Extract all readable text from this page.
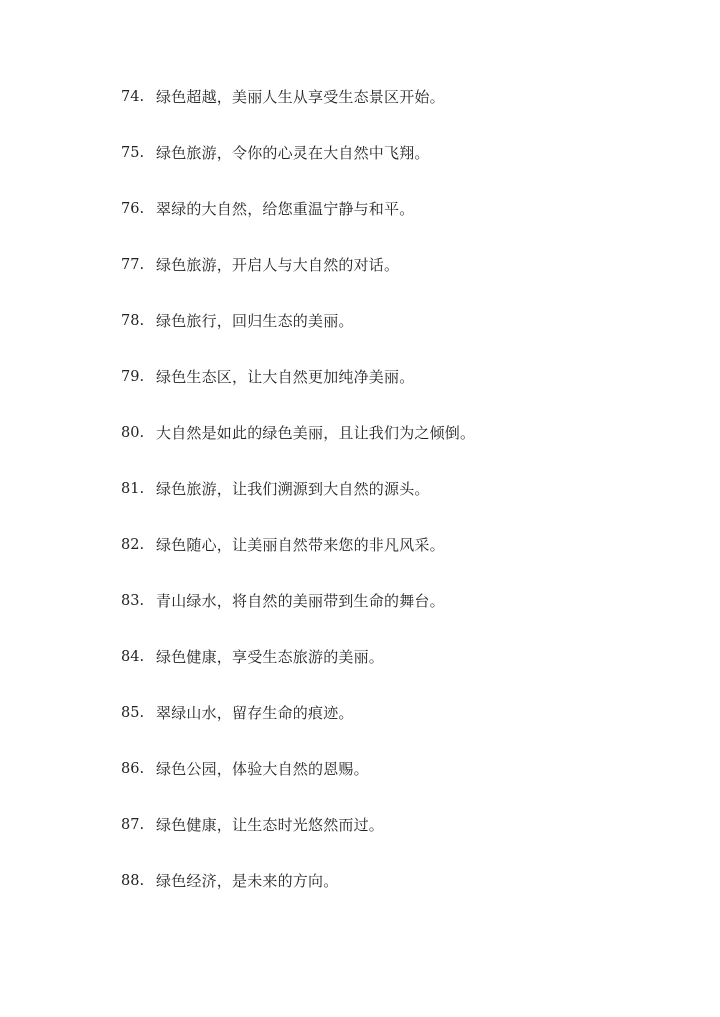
74. 绿色超越，美丽人生从享受生态景区开始。
75. 绿色旅游，令你的心灵在大自然中飞翔。
76. 翠绿的大自然，给您重温宁静与和平。
77. 绿色旅游，开启人与大自然的对话。
78. 绿色旅行，回归生态的美丽。
79. 绿色生态区，让大自然更加纯净美丽。
80. 大自然是如此的绿色美丽，且让我们为之倾倒。
81. 绿色旅游，让我们溯源到大自然的源头。
82. 绿色随心，让美丽自然带来您的非凡风采。
83. 青山绿水，将自然的美丽带到生命的舞台。
84. 绿色健康，享受生态旅游的美丽。
85. 翠绿山水，留存生命的痕迹。
86. 绿色公园，体验大自然的恩赐。
87. 绿色健康，让生态时光悠然而过。
88. 绿色经济，是未来的方向。
